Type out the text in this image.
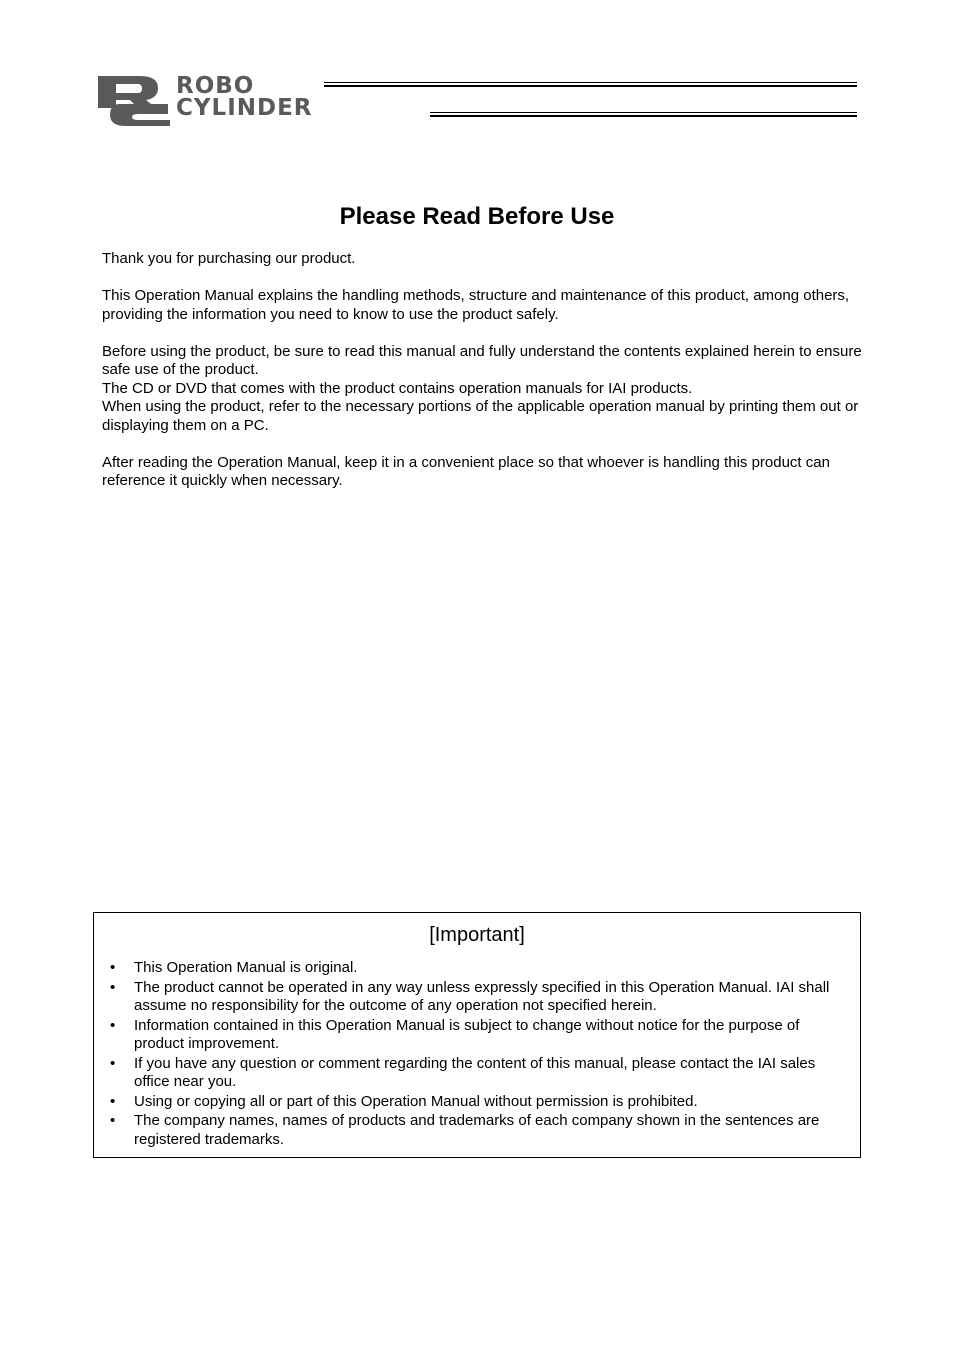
ROBO
CYLINDER
Please Read Before Use

Thank you for purchasing our product.

This Operation Manual explains the handling methods, structure and maintenance of this product, among others, providing the information you need to know to use the product safely.

Before using the product, be sure to read this manual and fully understand the contents explained herein to ensure safe use of the product.
The CD or DVD that comes with the product contains operation manuals for IAI products.
When using the product, refer to the necessary portions of the applicable operation manual by printing them out or displaying them on a PC.

After reading the Operation Manual, keep it in a convenient place so that whoever is handling this product can reference it quickly when necessary.

[Important]
• This Operation Manual is original.
• The product cannot be operated in any way unless expressly specified in this Operation Manual. IAI shall assume no responsibility for the outcome of any operation not specified herein.
• Information contained in this Operation Manual is subject to change without notice for the purpose of product improvement.
• If you have any question or comment regarding the content of this manual, please contact the IAI sales office near you.
• Using or copying all or part of this Operation Manual without permission is prohibited.
• The company names, names of products and trademarks of each company shown in the sentences are registered trademarks.
